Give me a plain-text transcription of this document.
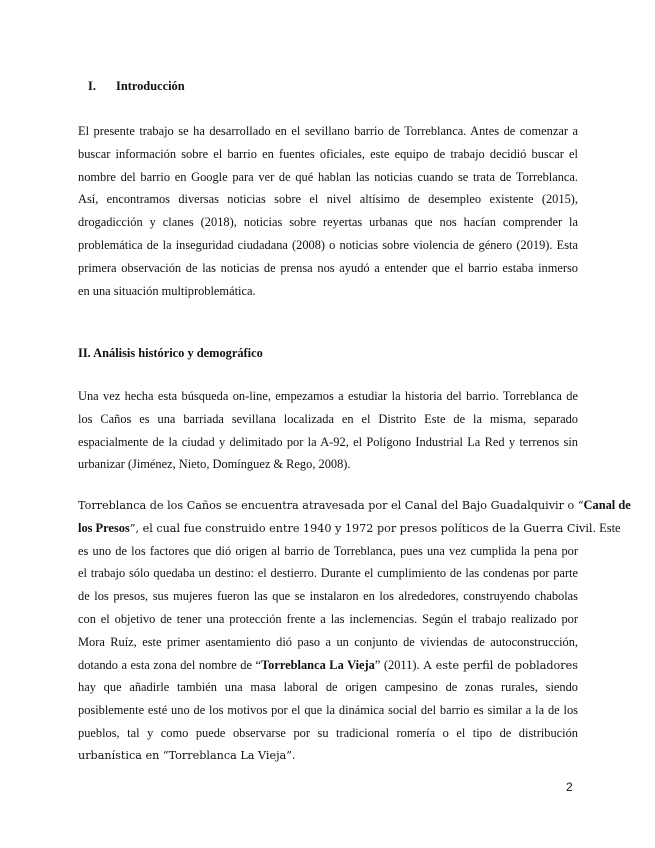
I. Introducción
El presente trabajo se ha desarrollado en el sevillano barrio de Torreblanca. Antes de comenzar a
buscar información sobre el barrio en fuentes oficiales, este equipo de trabajo decidió buscar el
nombre del barrio en Google para ver de qué hablan las noticias cuando se trata de Torreblanca.
Así, encontramos diversas noticias sobre el nivel altísimo de desempleo existente (2015),
drogadicción y clanes (2018), noticias sobre reyertas urbanas que nos hacían comprender la
problemática de la inseguridad ciudadana (2008) o noticias sobre violencia de género (2019). Esta
primera observación de las noticias de prensa nos ayudó a entender que el barrio estaba inmerso
en una situación multiproblemática.
II. Análisis histórico y demográfico
Una vez hecha esta búsqueda on-line, empezamos a estudiar la historia del barrio. Torreblanca de
los Caños es una barriada sevillana localizada en el Distrito Este de la misma, separado
espacialmente de la ciudad y delimitado por la A-92, el Polígono Industrial La Red y terrenos sin
urbanizar (Jiménez, Nieto, Domínguez & Rego, 2008).
Torreblanca de los Caños se encuentra atravesada por el Canal del Bajo Guadalquivir o “Canal de
los Presos”, el cual fue construido entre 1940 y 1972 por presos políticos de la Guerra Civil. Este
es uno de los factores que dió origen al barrio de Torreblanca, pues una vez cumplida la pena por
el trabajo sólo quedaba un destino: el destierro. Durante el cumplimiento de las condenas por parte
de los presos, sus mujeres fueron las que se instalaron en los alrededores, construyendo chabolas
con el objetivo de tener una protección frente a las inclemencias. Según el trabajo realizado por
Mora Ruíz, este primer asentamiento dió paso a un conjunto de viviendas de autoconstrucción,
dotando a esta zona del nombre de “Torreblanca La Vieja” (2011). A este perfil de pobladores
hay que añadirle también una masa laboral de origen campesino de zonas rurales, siendo
posiblemente esté uno de los motivos por el que la dinámica social del barrio es similar a la de los
pueblos, tal y como puede observarse por su tradicional romería o el tipo de distribución
urbanística en “Torreblanca La Vieja”.
2
